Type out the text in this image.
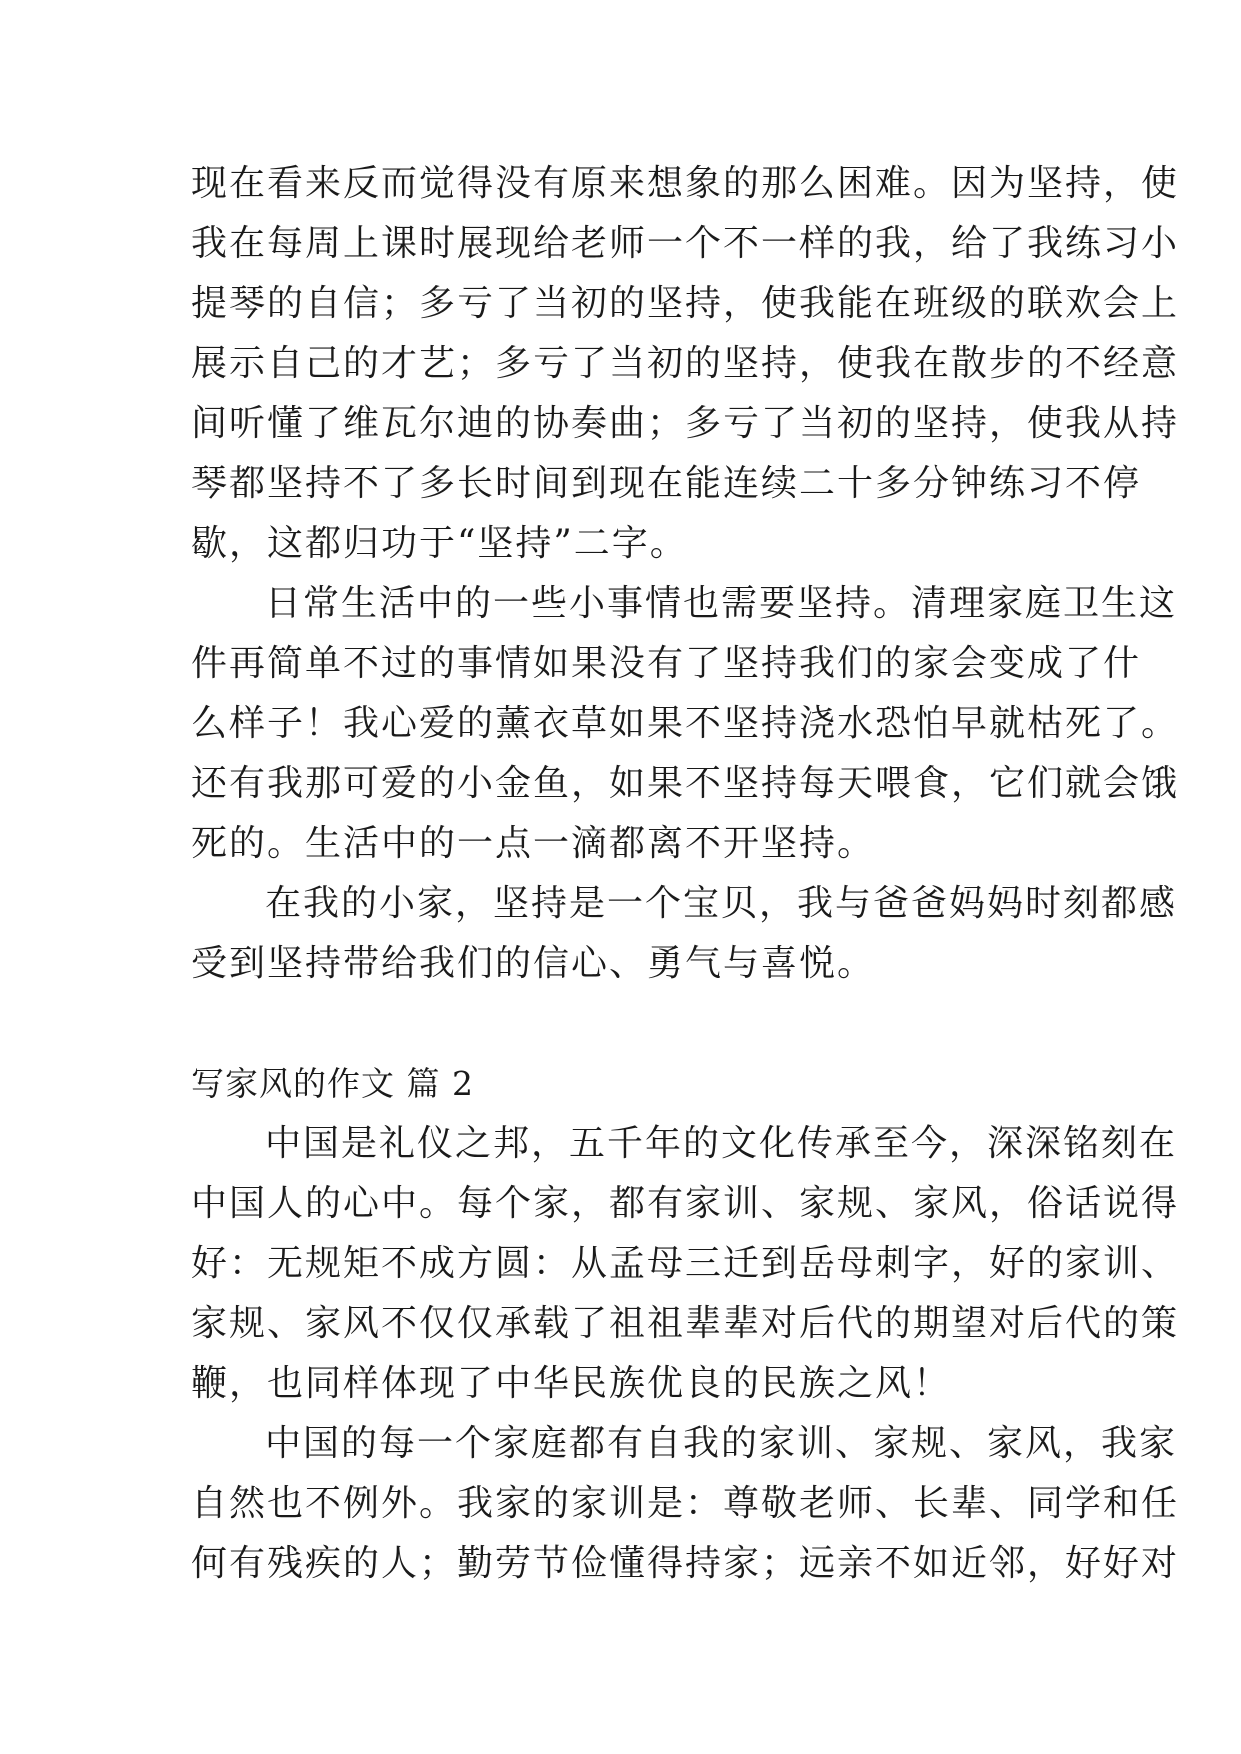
现在看来反而觉得没有原来想象的那么困难。因为坚持，使
我在每周上课时展现给老师一个不一样的我，给了我练习小
提琴的自信；多亏了当初的坚持，使我能在班级的联欢会上
展示自己的才艺；多亏了当初的坚持，使我在散步的不经意
间听懂了维瓦尔迪的协奏曲；多亏了当初的坚持，使我从持
琴都坚持不了多长时间到现在能连续二十多分钟练习不停
歇，这都归功于“坚持”二字。
日常生活中的一些小事情也需要坚持。清理家庭卫生这
件再简单不过的事情如果没有了坚持我们的家会变成了什
么样子！我心爱的薰衣草如果不坚持浇水恐怕早就枯死了。
还有我那可爱的小金鱼，如果不坚持每天喂食，它们就会饿
死的。生活中的一点一滴都离不开坚持。
在我的小家，坚持是一个宝贝，我与爸爸妈妈时刻都感
受到坚持带给我们的信心、勇气与喜悦。
写家风的作文 篇 2
中国是礼仪之邦，五千年的文化传承至今，深深铭刻在
中国人的心中。每个家，都有家训、家规、家风，俗话说得
好：无规矩不成方圆：从孟母三迁到岳母刺字，好的家训、
家规、家风不仅仅承载了祖祖辈辈对后代的期望对后代的策
鞭，也同样体现了中华民族优良的民族之风！
中国的每一个家庭都有自我的家训、家规、家风，我家
自然也不例外。我家的家训是：尊敬老师、长辈、同学和任
何有残疾的人；勤劳节俭懂得持家；远亲不如近邻，好好对
